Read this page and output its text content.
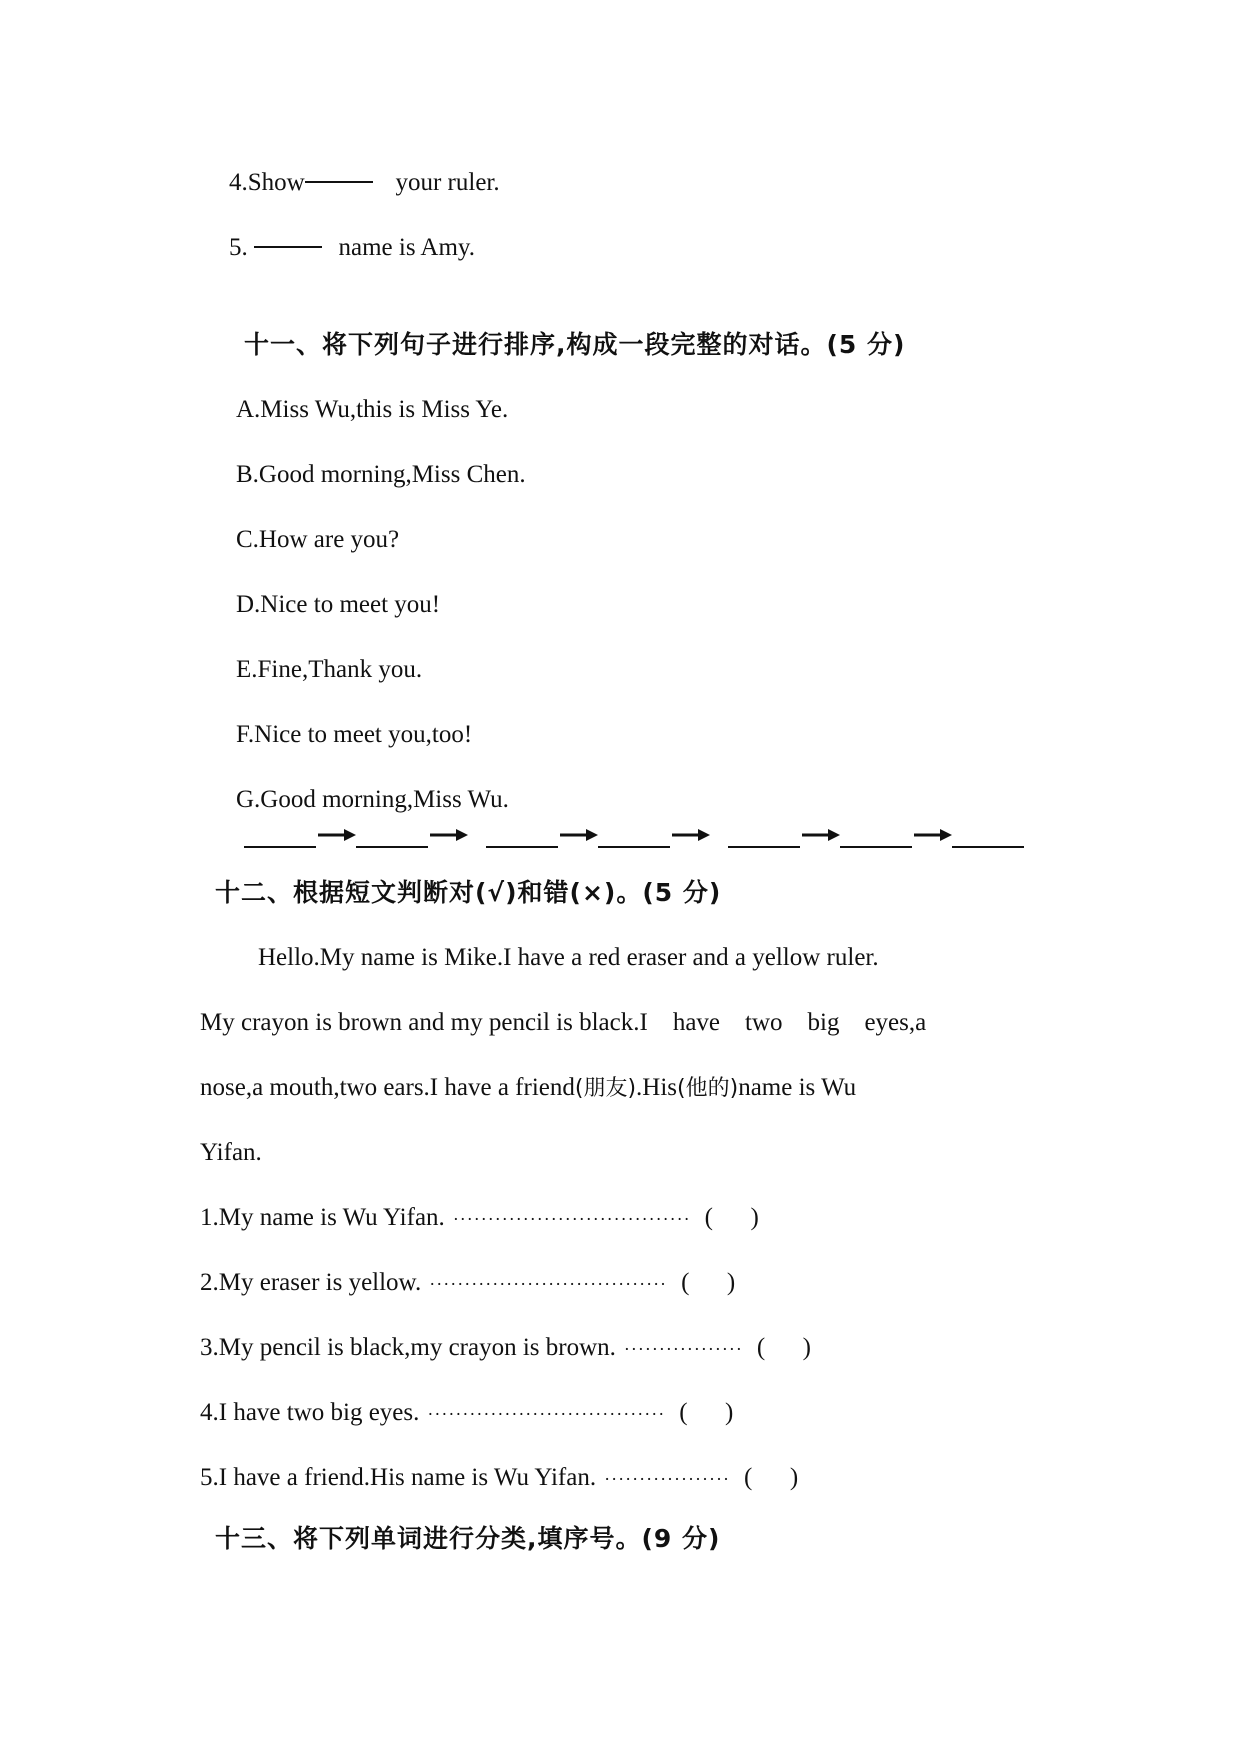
4.Show	your ruler.
5.	name is Amy.
十一、将下列句子进行排序,构成一段完整的对话。(5 分)
A.Miss Wu,this is Miss Ye.
B.Good morning,Miss Chen.
C.How are you?
D.Nice to meet you!
E.Fine,Thank you.
F.Nice to meet you,too!
G.Good morning,Miss Wu.
十二、根据短文判断对(√)和错(×)。(5 分)
Hello.My name is Mike.I have a red eraser and a yellow ruler.
My crayon is brown and my pencil is black.I    have    two    big    eyes,a
nose,a mouth,two ears.I have a friend(朋友).His(他的)name is Wu
Yifan.
1.My name is Wu Yifan. ·································· (      )
2.My eraser is yellow. ·································· (      )
3.My pencil is black,my crayon is brown. ················· (      )
4.I have two big eyes. ·································· (      )
5.I have a friend.His name is Wu Yifan. ·················· (      )
十三、将下列单词进行分类,填序号。(9 分)
